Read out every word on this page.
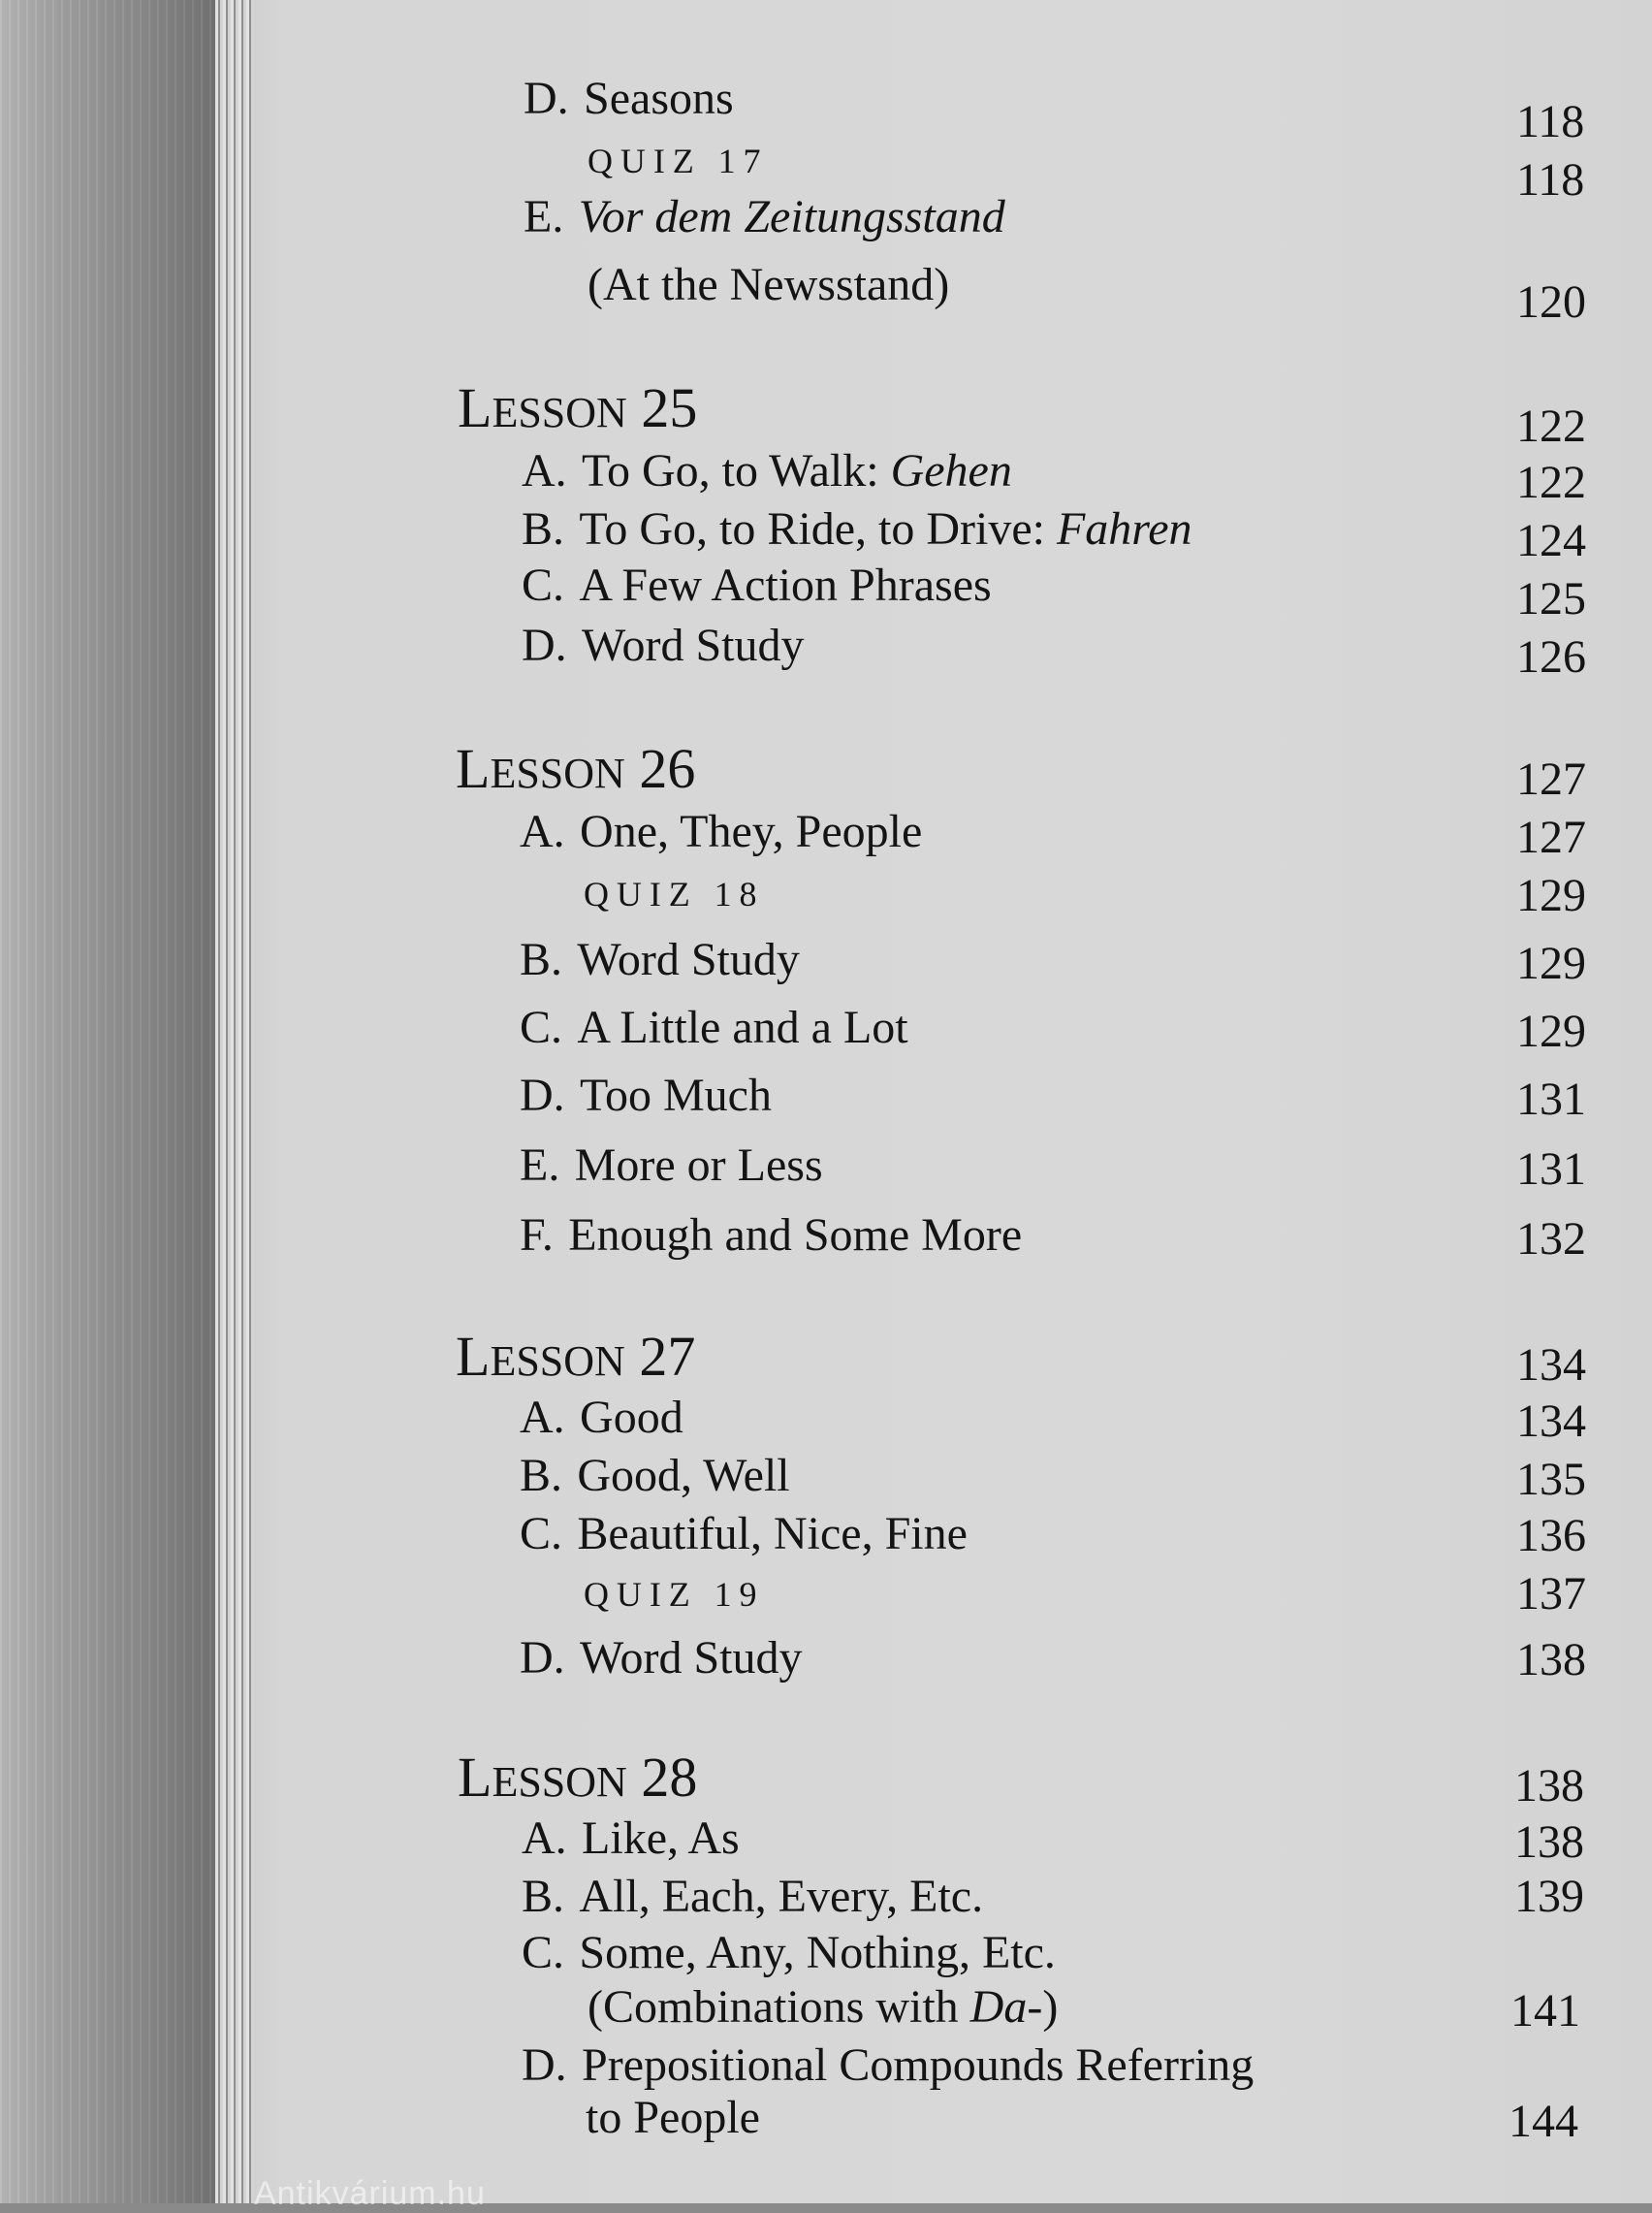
Antikvárium.hu
D. Seasons	118
QUIZ 17	118
E. Vor dem Zeitungsstand
(At the Newsstand)	120
LESSON 25	122
A. To Go, to Walk: Gehen	122
B. To Go, to Ride, to Drive: Fahren	124
C. A Few Action Phrases	125
D. Word Study	126
LESSON 26	127
A. One, They, People	127
QUIZ 18	129
B. Word Study	129
C. A Little and a Lot	129
D. Too Much	131
E. More or Less	131
F. Enough and Some More	132
LESSON 27	134
A. Good	134
B. Good, Well	135
C. Beautiful, Nice, Fine	136
QUIZ 19	137
D. Word Study	138
LESSON 28	138
A. Like, As	138
B. All, Each, Every, Etc.	139
C. Some, Any, Nothing, Etc.
(Combinations with Da-)	141
D. Prepositional Compounds Referring
to People	144
